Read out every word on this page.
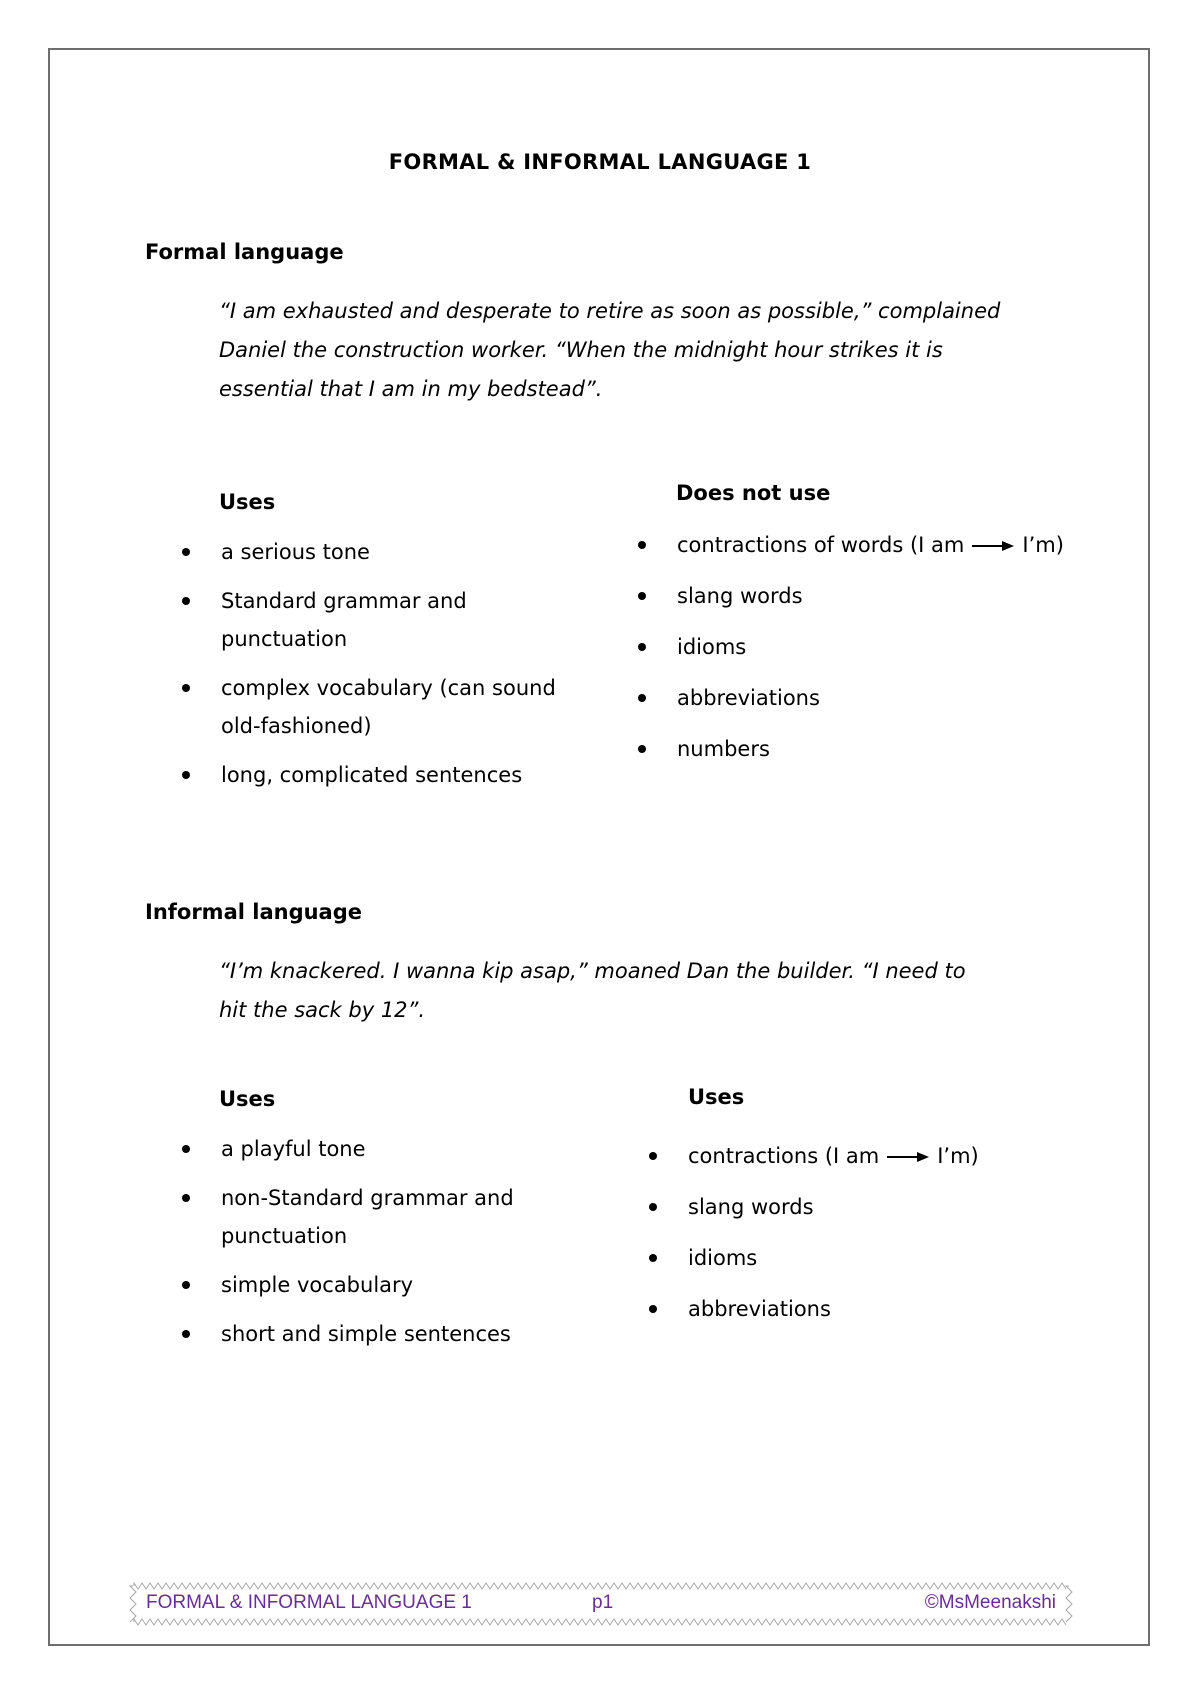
FORMAL & INFORMAL LANGUAGE 1
Formal language
“I am exhausted and desperate to retire as soon as possible,” complained
Daniel the construction worker. “When the midnight hour strikes it is
essential that I am in my bedstead”.
Uses
a serious tone
Standard grammar and punctuation
complex vocabulary (can sound old-fashioned)
long, complicated sentences
Does not use
contractions of words (I am	I’m)
slang words
idioms
abbreviations
numbers
Informal language
“I’m knackered. I wanna kip asap,” moaned Dan the builder. “I need to
hit the sack by 12”.
Uses
a playful tone
non-Standard grammar and punctuation
simple vocabulary
short and simple sentences
Uses
contractions (I am	I’m)
slang words
idioms
abbreviations
FORMAL & INFORMAL LANGUAGE 1	p1	©MsMeenakshi
